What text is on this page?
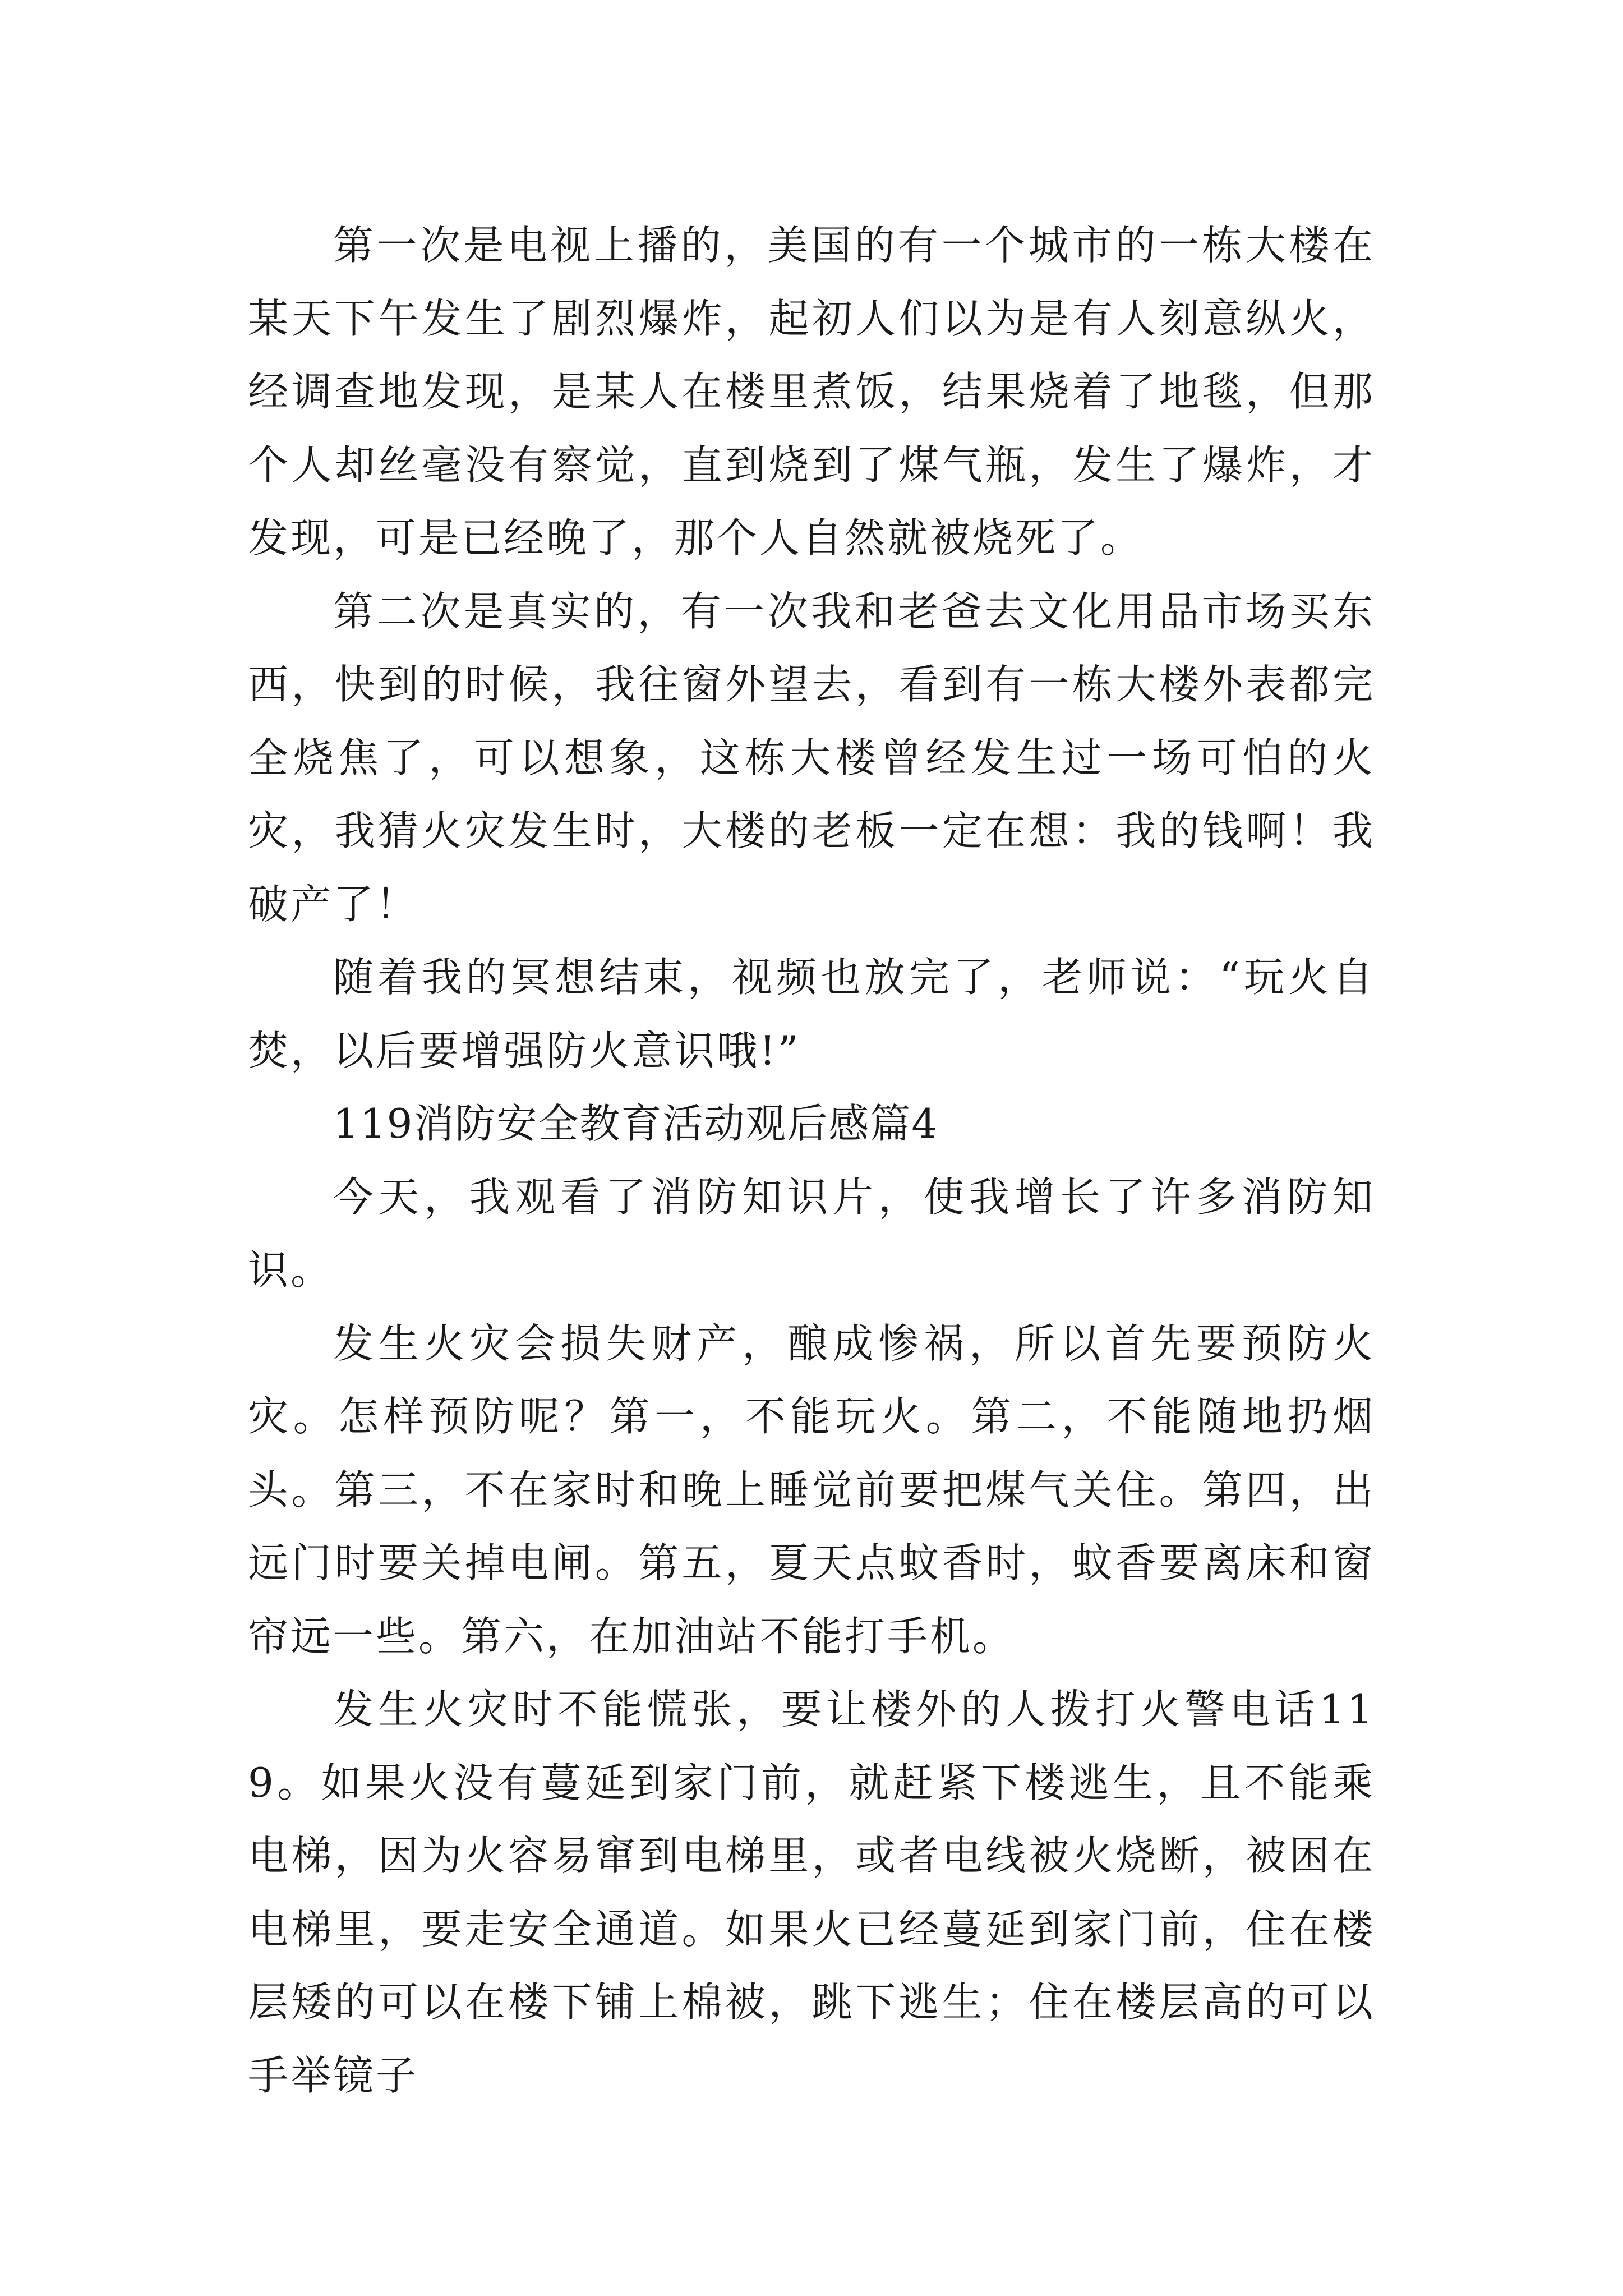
第一次是电视上播的，美国的有一个城市的一栋大楼在某天下午发生了剧烈爆炸，起初人们以为是有人刻意纵火，经调查地发现，是某人在楼里煮饭，结果烧着了地毯，但那个人却丝毫没有察觉，直到烧到了煤气瓶，发生了爆炸，才发现，可是已经晚了，那个人自然就被烧死了。

第二次是真实的，有一次我和老爸去文化用品市场买东西，快到的时候，我往窗外望去，看到有一栋大楼外表都完全烧焦了，可以想象，这栋大楼曾经发生过一场可怕的火灾，我猜火灾发生时，大楼的老板一定在想：我的钱啊！我破产了！

随着我的冥想结束，视频也放完了，老师说：“玩火自焚，以后要增强防火意识哦!”

119消防安全教育活动观后感篇4

今天，我观看了消防知识片，使我增长了许多消防知识。

发生火灾会损失财产，酿成惨祸，所以首先要预防火灾。怎样预防呢？第一，不能玩火。第二，不能随地扔烟头。第三，不在家时和晚上睡觉前要把煤气关住。第四，出远门时要关掉电闸。第五，夏天点蚊香时，蚊香要离床和窗帘远一些。第六，在加油站不能打手机。

发生火灾时不能慌张，要让楼外的人拨打火警电话119。如果火没有蔓延到家门前，就赶紧下楼逃生，且不能乘电梯，因为火容易窜到电梯里，或者电线被火烧断，被困在电梯里，要走安全通道。如果火已经蔓延到家门前，住在楼层矮的可以在楼下铺上棉被，跳下逃生；住在楼层高的可以手举镜子
